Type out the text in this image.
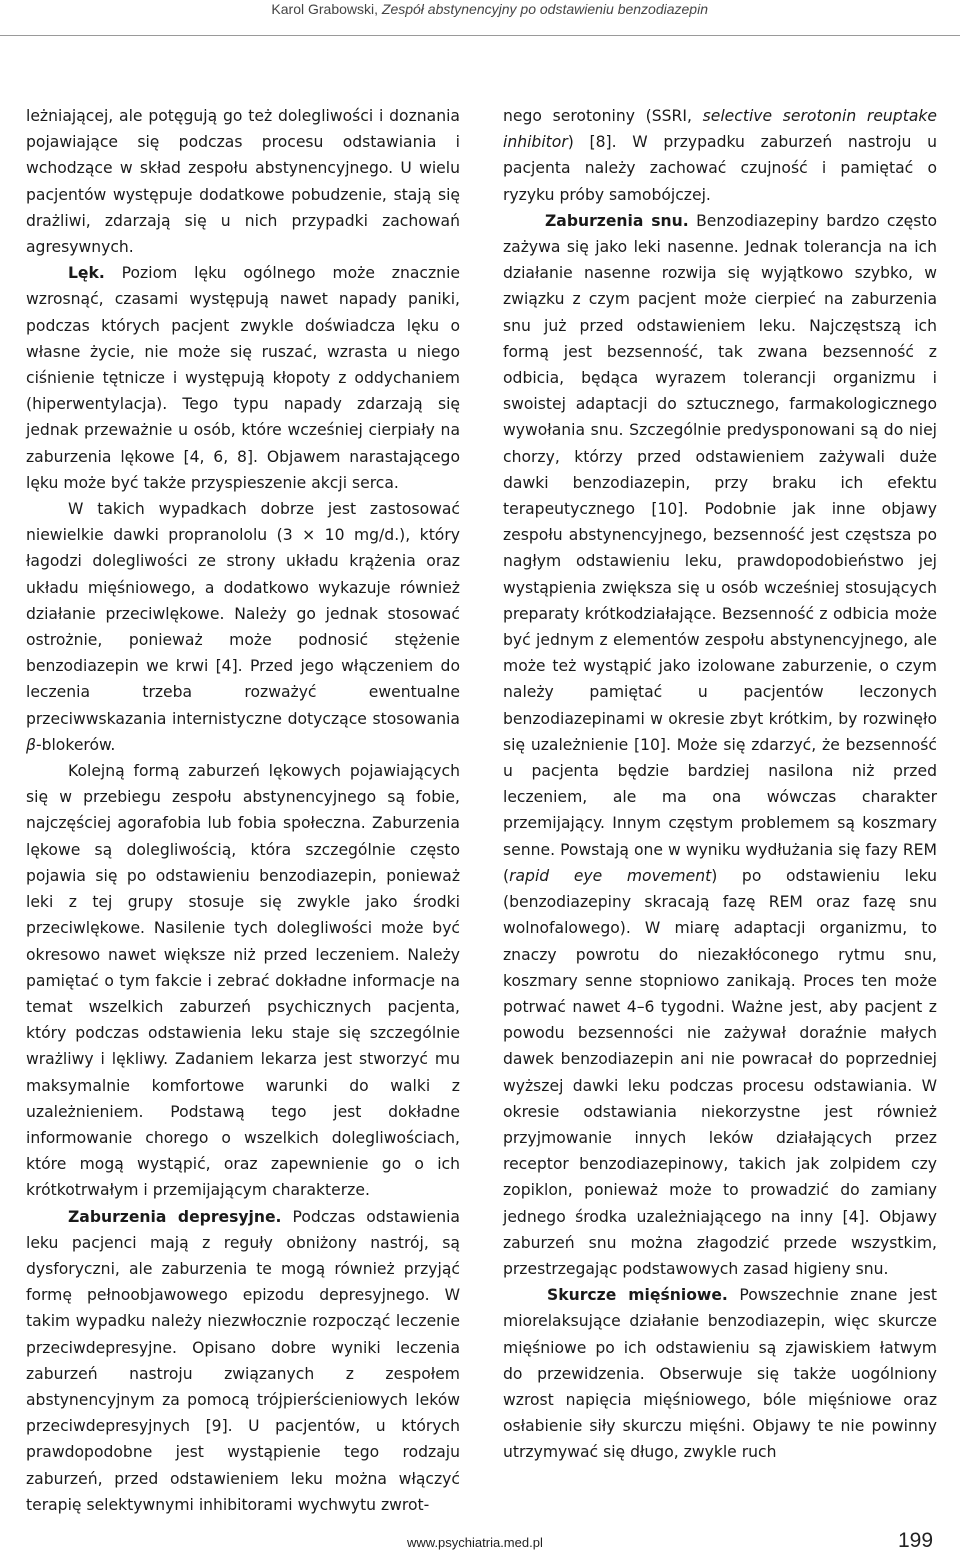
Karol Grabowski, Zespół abstynencyjny po odstawieniu benzodiazepin

leżniającej, ale potęgują go też dolegliwości i doznania pojawiające się podczas procesu odstawiania i wchodzące w skład zespołu abstynencyjnego. U wielu pacjentów występuje dodatkowe pobudzenie, stają się drażliwi, zdarzają się u nich przypadki zachowań agresywnych.

Lęk. Poziom lęku ogólnego może znacznie wzrosnąć, czasami występują nawet napady paniki, podczas których pacjent zwykle doświadcza lęku o własne życie, nie może się ruszać, wzrasta u niego ciśnienie tętnicze i występują kłopoty z oddychaniem (hiperwentylacja). Tego typu napady zdarzają się jednak przeważnie u osób, które wcześniej cierpiały na zaburzenia lękowe [4, 6, 8]. Objawem narastającego lęku może być także przyspieszenie akcji serca.

W takich wypadkach dobrze jest zastosować niewielkie dawki propranololu (3 × 10 mg/d.), który łagodzi dolegliwości ze strony układu krążenia oraz układu mięśniowego, a dodatkowo wykazuje również działanie przeciwlękowe. Należy go jednak stosować ostrożnie, ponieważ może podnosić stężenie benzodiazepin we krwi [4]. Przed jego włączeniem do leczenia trzeba rozważyć ewentualne przeciwwskazania internistyczne dotyczące stosowania β-blokerów.

Kolejną formą zaburzeń lękowych pojawiających się w przebiegu zespołu abstynencyjnego są fobie, najczęściej agorafobia lub fobia społeczna. Zaburzenia lękowe są dolegliwością, która szczególnie często pojawia się po odstawieniu benzodiazepin, ponieważ leki z tej grupy stosuje się zwykle jako środki przeciwlękowe. Nasilenie tych dolegliwości może być okresowo nawet większe niż przed leczeniem. Należy pamiętać o tym fakcie i zebrać dokładne informacje na temat wszelkich zaburzeń psychicznych pacjenta, który podczas odstawienia leku staje się szczególnie wrażliwy i lękliwy. Zadaniem lekarza jest stworzyć mu maksymalnie komfortowe warunki do walki z uzależnieniem. Podstawą tego jest dokładne informowanie chorego o wszelkich dolegliwościach, które mogą wystąpić, oraz zapewnienie go o ich krótkotrwałym i przemijającym charakterze.

Zaburzenia depresyjne. Podczas odstawienia leku pacjenci mają z reguły obniżony nastrój, są dysforyczni, ale zaburzenia te mogą również przyjąć formę pełnoobjawowego epizodu depresyjnego. W takim wypadku należy niezwłocznie rozpocząć leczenie przeciwdepresyjne. Opisano dobre wyniki leczenia zaburzeń nastroju związanych z zespołem abstynencyjnym za pomocą trójpierścieniowych leków przeciwdepresyjnych [9]. U pacjentów, u których prawdopodobne jest wystąpienie tego rodzaju zaburzeń, przed odstawieniem leku można włączyć terapię selektywnymi inhibitorami wychwytu zwrot-

nego serotoniny (SSRI, selective serotonin reuptake inhibitor) [8]. W przypadku zaburzeń nastroju u pacjenta należy zachować czujność i pamiętać o ryzyku próby samobójczej.

Zaburzenia snu. Benzodiazepiny bardzo często zażywa się jako leki nasenne. Jednak tolerancja na ich działanie nasenne rozwija się wyjątkowo szybko, w związku z czym pacjent może cierpieć na zaburzenia snu już przed odstawieniem leku. Najczęstszą ich formą jest bezsenność, tak zwana bezsenność z odbicia, będąca wyrazem tolerancji organizmu i swoistej adaptacji do sztucznego, farmakologicznego wywołania snu. Szczególnie predysponowani są do niej chorzy, którzy przed odstawieniem zażywali duże dawki benzodiazepin, przy braku ich efektu terapeutycznego [10]. Podobnie jak inne objawy zespołu abstynencyjnego, bezsenność jest częstsza po nagłym odstawieniu leku, prawdopodobieństwo jej wystąpienia zwiększa się u osób wcześniej stosujących preparaty krótkodziałające. Bezsenność z odbicia może być jednym z elementów zespołu abstynencyjnego, ale może też wystąpić jako izolowane zaburzenie, o czym należy pamiętać u pacjentów leczonych benzodiazepinami w okresie zbyt krótkim, by rozwinęło się uzależnienie [10]. Może się zdarzyć, że bezsenność u pacjenta będzie bardziej nasilona niż przed leczeniem, ale ma ona wówczas charakter przemijający. Innym częstym problemem są koszmary senne. Powstają one w wyniku wydłużania się fazy REM (rapid eye movement) po odstawieniu leku (benzodiazepiny skracają fazę REM oraz fazę snu wolnofalowego). W miarę adaptacji organizmu, to znaczy powrotu do niezakłóconego rytmu snu, koszmary senne stopniowo zanikają. Proces ten może potrwać nawet 4–6 tygodni. Ważne jest, aby pacjent z powodu bezsenności nie zażywał doraźnie małych dawek benzodiazepin ani nie powracał do poprzedniej wyższej dawki leku podczas procesu odstawiania. W okresie odstawiania niekorzystne jest również przyjmowanie innych leków działających przez receptor benzodiazepinowy, takich jak zolpidem czy zopiklon, ponieważ może to prowadzić do zamiany jednego środka uzależniającego na inny [4]. Objawy zaburzeń snu można złagodzić przede wszystkim, przestrzegając podstawowych zasad higieny snu.

Skurcze mięśniowe. Powszechnie znane jest miorelaksujące działanie benzodiazepin, więc skurcze mięśniowe po ich odstawieniu są zjawiskiem łatwym do przewidzenia. Obserwuje się także uogólniony wzrost napięcia mięśniowego, bóle mięśniowe oraz osłabienie siły skurczu mięśni. Objawy te nie powinny utrzymywać się długo, zwykle ruch

www.psychiatria.med.pl	199
